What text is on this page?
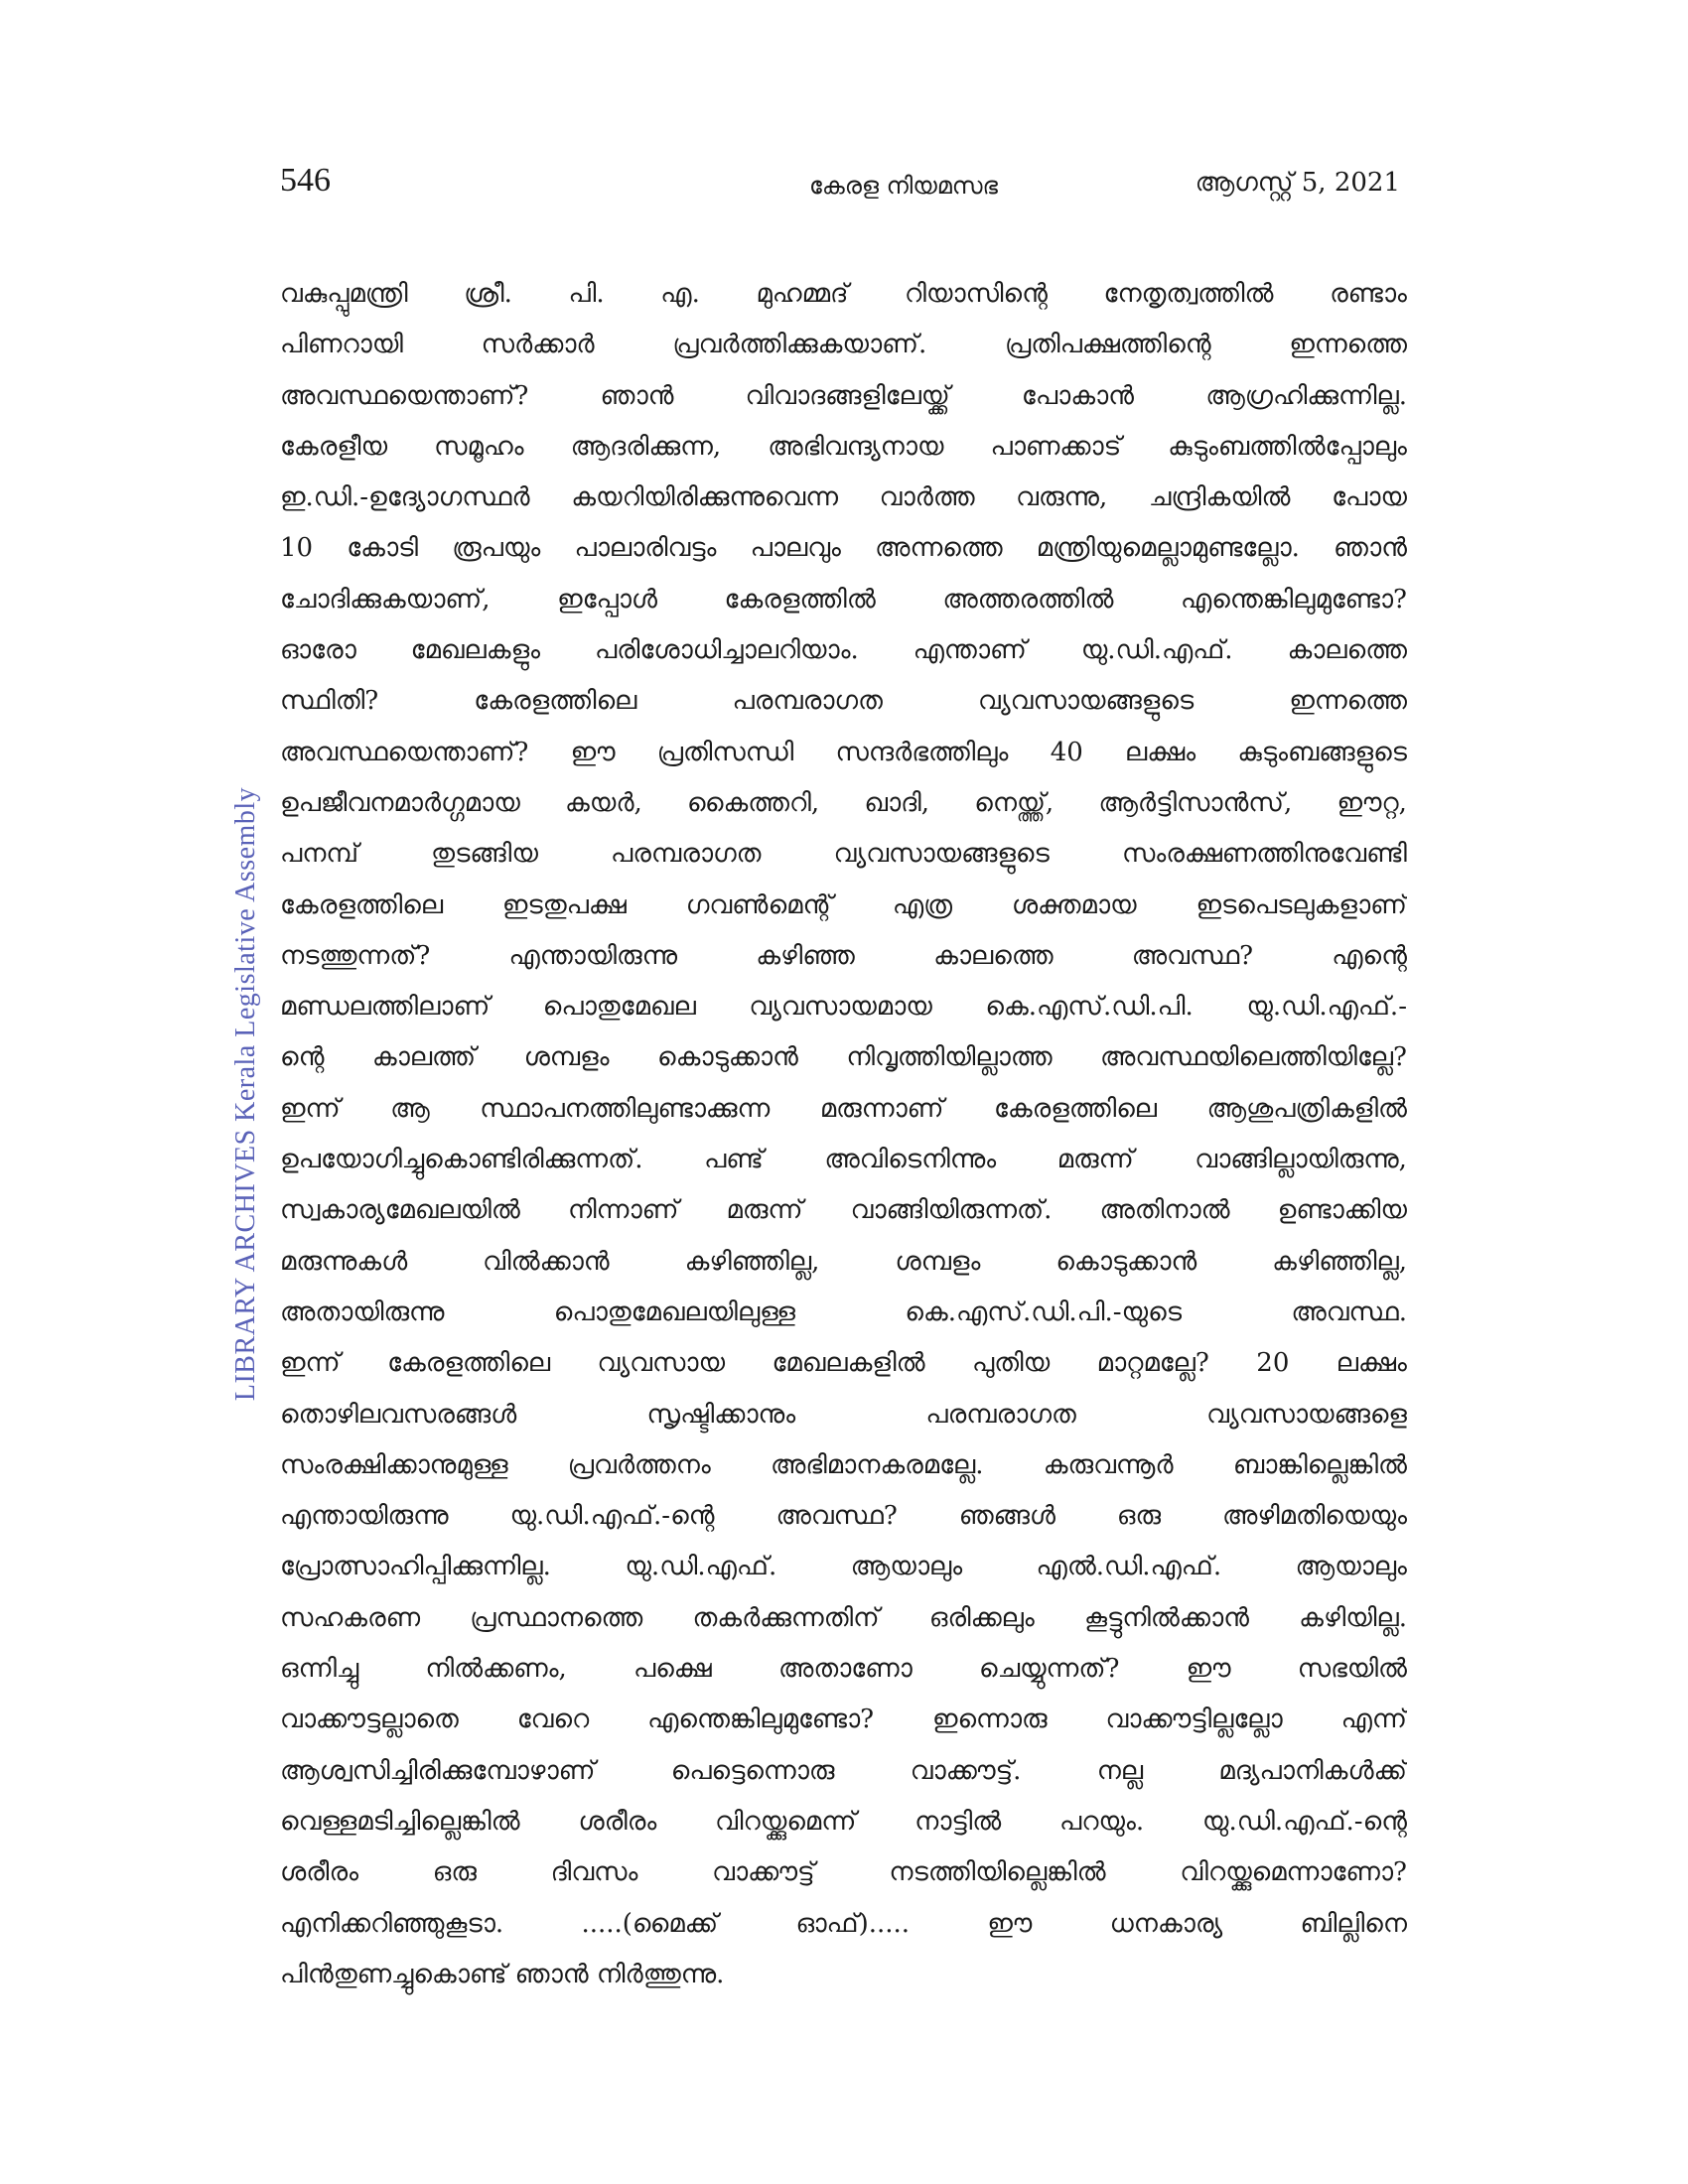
546	കേരള നിയമസഭ	ആഗസ്റ്റ് 5, 2021
LIBRARY ARCHIVES Kerala Legislative Assembly
വകുപ്പുമന്ത്രി ശ്രീ. പി. എ. മുഹമ്മദ് റിയാസിന്റെ നേതൃത്വത്തിൽ രണ്ടാം
പിണറായി	സർക്കാർ	പ്രവർത്തിക്കുകയാണ്.	പ്രതിപക്ഷത്തിന്റെ	ഇന്നത്തെ
അവസ്ഥയെന്താണ്?	ഞാൻ	വിവാദങ്ങളിലേയ്ക്ക്	പോകാൻ	ആഗ്രഹിക്കുന്നില്ല.
കേരളീയ സമൂഹം ആദരിക്കുന്ന, അഭിവന്ദ്യനായ പാണക്കാട് കുടുംബത്തിൽപ്പോലും
ഇ.ഡി.-ഉദ്യോഗസ്ഥർ കയറിയിരിക്കുന്നുവെന്ന വാർത്ത വരുന്നു, ചന്ദ്രികയിൽ പോയ
10 കോടി രൂപയും പാലാരിവട്ടം പാലവും അന്നത്തെ മന്ത്രിയുമെല്ലാമുണ്ടല്ലോ. ഞാൻ
ചോദിക്കുകയാണ്,	ഇപ്പോൾ	കേരളത്തിൽ	അത്തരത്തിൽ	എന്തെങ്കിലുമുണ്ടോ?
ഓരോ മേഖലകളും പരിശോധിച്ചാലറിയാം. എന്താണ് യു.ഡി.എഫ്. കാലത്തെ
സ്ഥിതി?	കേരളത്തിലെ	പരമ്പരാഗത	വ്യവസായങ്ങളുടെ	ഇന്നത്തെ
അവസ്ഥയെന്താണ്? ഈ പ്രതിസന്ധി സന്ദർഭത്തിലും 40 ലക്ഷം കുടുംബങ്ങളുടെ
ഉപജീവനമാർഗ്ഗമായ കയർ, കൈത്തറി, ഖാദി, നെയ്ത്ത്, ആർട്ടിസാൻസ്, ഈറ്റ,
പനമ്പ്	തുടങ്ങിയ	പരമ്പരാഗത	വ്യവസായങ്ങളുടെ	സംരക്ഷണത്തിനുവേണ്ടി
കേരളത്തിലെ ഇടതുപക്ഷ ഗവൺമെന്റ് എത്ര ശക്തമായ ഇടപെടലുകളാണ്
നടത്തുന്നത്?	എന്തായിരുന്നു	കഴിഞ്ഞ	കാലത്തെ	അവസ്ഥ?	എന്റെ
മണ്ഡലത്തിലാണ് പൊതുമേഖല വ്യവസായമായ കെ.എസ്.ഡി.പി. യു.ഡി.എഫ്.-
ന്റെ കാലത്ത് ശമ്പളം കൊടുക്കാൻ നിവൃത്തിയില്ലാത്ത അവസ്ഥയിലെത്തിയില്ലേ?
ഇന്ന് ആ സ്ഥാപനത്തിലുണ്ടാക്കുന്ന മരുന്നാണ് കേരളത്തിലെ ആശുപത്രികളിൽ
ഉപയോഗിച്ചുകൊണ്ടിരിക്കുന്നത്. പണ്ട് അവിടെനിന്നും മരുന്ന് വാങ്ങില്ലായിരുന്നു,
സ്വകാര്യമേഖലയിൽ നിന്നാണ് മരുന്ന് വാങ്ങിയിരുന്നത്. അതിനാൽ ഉണ്ടാക്കിയ
മരുന്നുകൾ	വിൽക്കാൻ	കഴിഞ്ഞില്ല,	ശമ്പളം	കൊടുക്കാൻ	കഴിഞ്ഞില്ല,
അതായിരുന്നു	പൊതുമേഖലയിലുള്ള	കെ.എസ്.ഡി.പി.-യുടെ	അവസ്ഥ.
ഇന്ന് കേരളത്തിലെ വ്യവസായ മേഖലകളിൽ പുതിയ മാറ്റമല്ലേ? 20 ലക്ഷം
തൊഴിലവസരങ്ങൾ	സൃഷ്ടിക്കാനും	പരമ്പരാഗത	വ്യവസായങ്ങളെ
സംരക്ഷിക്കാനുമുള്ള പ്രവർത്തനം അഭിമാനകരമല്ലേ. കരുവന്നൂർ ബാങ്കില്ലെങ്കിൽ
എന്തായിരുന്നു യു.ഡി.എഫ്.-ന്റെ അവസ്ഥ? ഞങ്ങൾ ഒരു അഴിമതിയെയും
പ്രോത്സാഹിപ്പിക്കുന്നില്ല.	യു.ഡി.എഫ്.	ആയാലും	എൽ.ഡി.എഫ്.	ആയാലും
സഹകരണ പ്രസ്ഥാനത്തെ തകർക്കുന്നതിന് ഒരിക്കലും കൂട്ടുനിൽക്കാൻ കഴിയില്ല.
ഒന്നിച്ചു	നിൽക്കണം,	പക്ഷെ	അതാണോ	ചെയ്യുന്നത്?	ഈ	സഭയിൽ
വാക്കൗട്ടല്ലാതെ വേറെ എന്തെങ്കിലുമുണ്ടോ? ഇന്നൊരു വാക്കൗട്ടില്ലല്ലോ എന്ന്
ആശ്വസിച്ചിരിക്കുമ്പോഴാണ്	പെട്ടെന്നൊരു	വാക്കൗട്ട്.	നല്ല	മദ്യപാനികൾക്ക്
വെള്ളമടിച്ചില്ലെങ്കിൽ ശരീരം വിറയ്ക്കുമെന്ന് നാട്ടിൽ പറയും. യു.ഡി.എഫ്.-ന്റെ
ശരീരം	ഒരു	ദിവസം	വാക്കൗട്ട്	നടത്തിയില്ലെങ്കിൽ	വിറയ്ക്കുമെന്നാണോ?
എനിക്കറിഞ്ഞുകൂടാ.	.....(മൈക്ക്	ഓഫ്).....	ഈ	ധനകാര്യ	ബില്ലിനെ
പിൻതുണച്ചുകൊണ്ട് ഞാൻ നിർത്തുന്നു.
